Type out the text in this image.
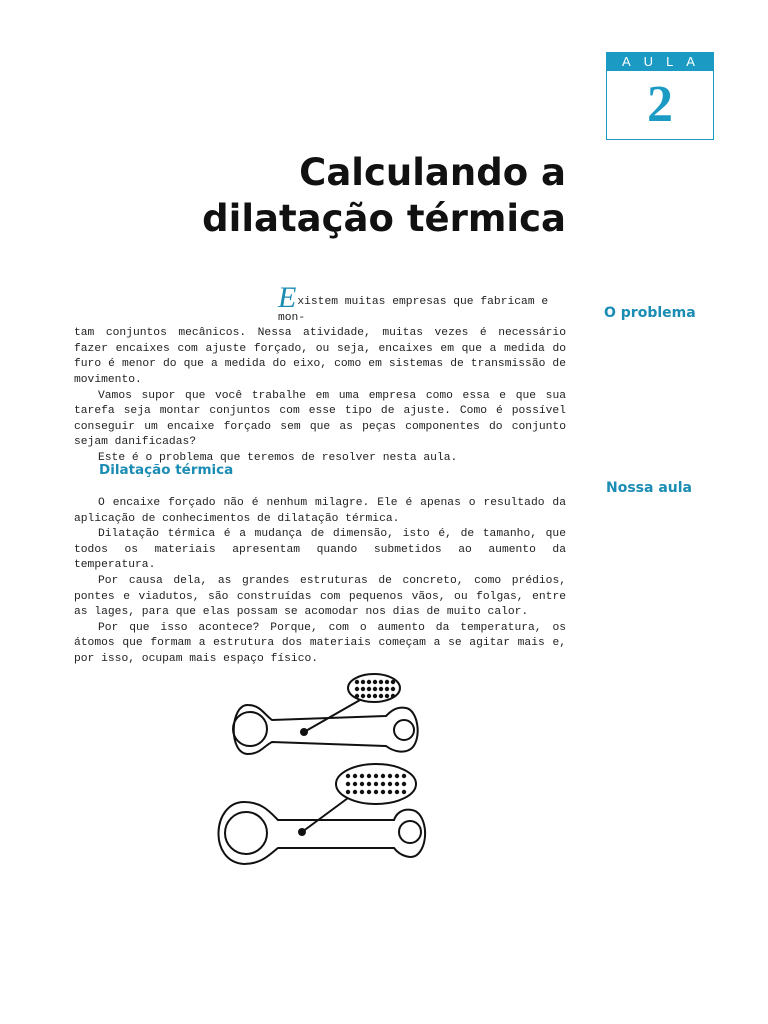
AULA
2
Calculando a
dilatação térmica
O problema
Nossa aula
Existem muitas empresas que fabricam e mon-

tam conjuntos mecânicos. Nessa atividade, muitas vezes é necessário fazer encaixes com ajuste forçado, ou seja, encaixes em que a medida do furo é menor do que a medida do eixo, como em sistemas de transmissão de movimento.

Vamos supor que você trabalhe em uma empresa como essa e que sua tarefa seja montar conjuntos com esse tipo de ajuste. Como é possível conseguir um encaixe forçado sem que as peças componentes do conjunto sejam danificadas?

Este é o problema que teremos de resolver nesta aula.

Dilatação térmica

O encaixe forçado não é nenhum milagre. Ele é apenas o resultado da aplicação de conhecimentos de dilatação térmica.

Dilatação térmica é a mudança de dimensão, isto é, de tamanho, que todos os materiais apresentam quando submetidos ao aumento da temperatura.

Por causa dela, as grandes estruturas de concreto, como prédios, pontes e viadutos, são construídas com pequenos vãos, ou folgas, entre as lages, para que elas possam se acomodar nos dias de muito calor.

Por que isso acontece? Porque, com o aumento da temperatura, os átomos que formam a estrutura dos materiais começam a se agitar mais e, por isso, ocupam mais espaço físico.
